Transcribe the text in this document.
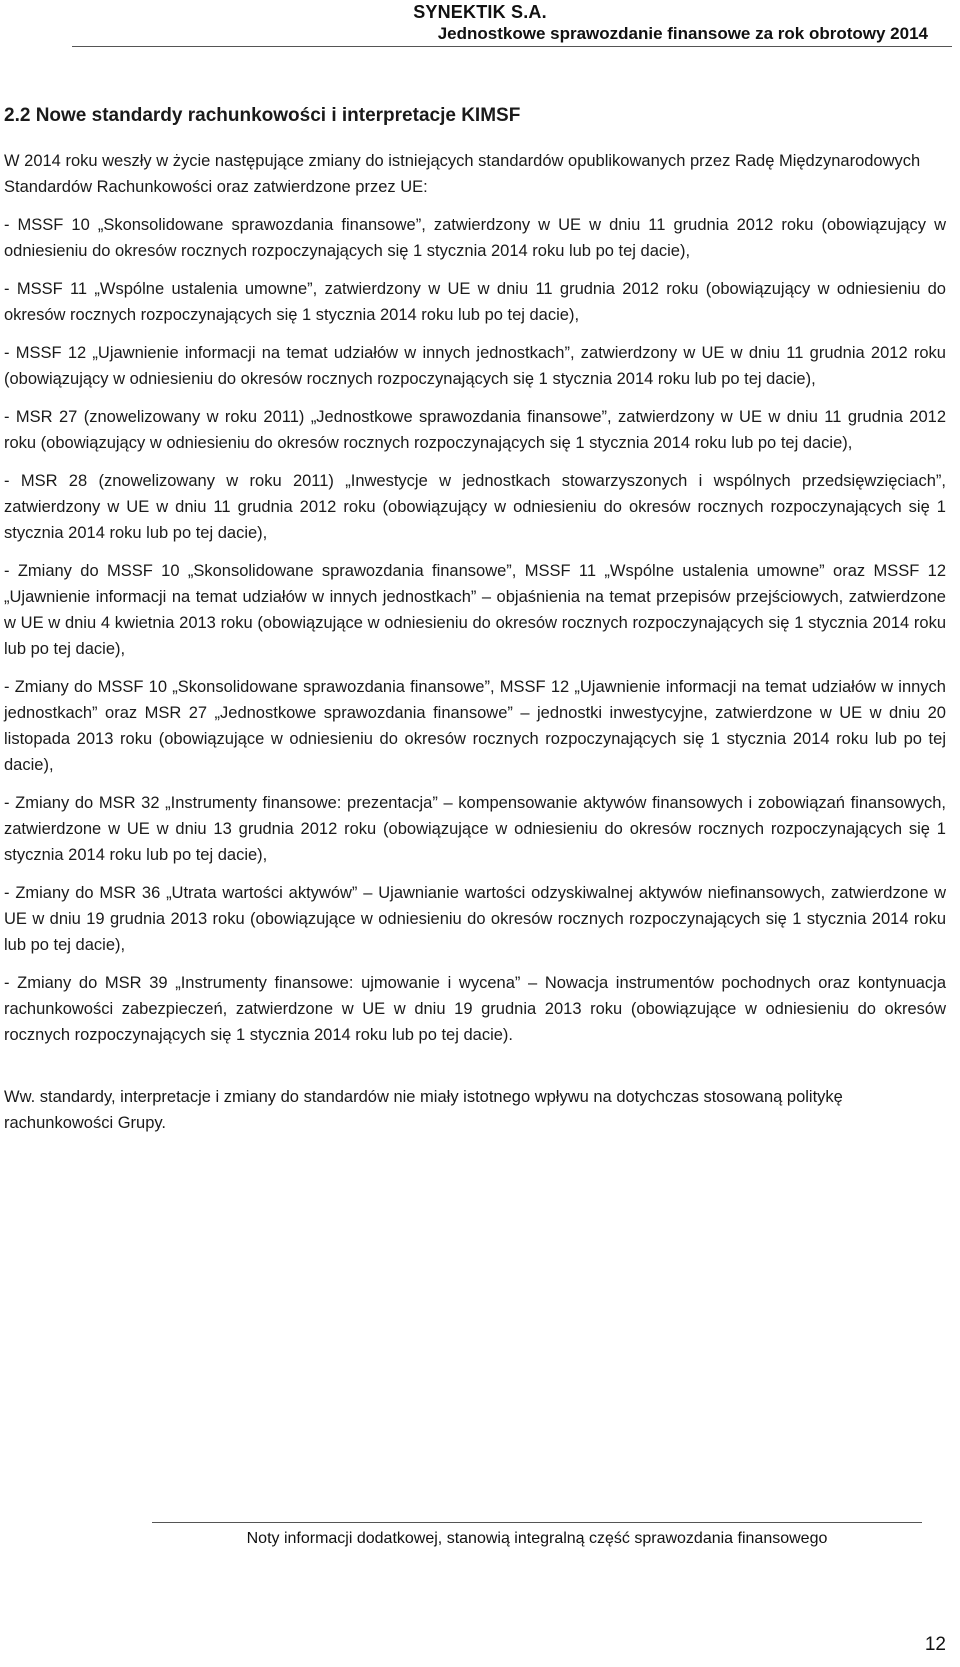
SYNEKTIK S.A.
Jednostkowe sprawozdanie finansowe za rok obrotowy 2014
2.2 Nowe standardy rachunkowości i interpretacje KIMSF

W 2014 roku weszły w życie następujące zmiany do istniejących standardów opublikowanych przez Radę Międzynarodowych Standardów Rachunkowości oraz zatwierdzone przez UE:

- MSSF 10 „Skonsolidowane sprawozdania finansowe”, zatwierdzony w UE w dniu 11 grudnia 2012 roku (obowiązujący w odniesieniu do okresów rocznych rozpoczynających się 1 stycznia 2014 roku lub po tej dacie),

- MSSF 11 „Wspólne ustalenia umowne”, zatwierdzony w UE w dniu 11 grudnia 2012 roku (obowiązujący w odniesieniu do okresów rocznych rozpoczynających się 1 stycznia 2014 roku lub po tej dacie),

- MSSF 12 „Ujawnienie informacji na temat udziałów w innych jednostkach”, zatwierdzony w UE w dniu 11 grudnia 2012 roku (obowiązujący w odniesieniu do okresów rocznych rozpoczynających się 1 stycznia 2014 roku lub po tej dacie),

- MSR 27 (znowelizowany w roku 2011) „Jednostkowe sprawozdania finansowe”, zatwierdzony w UE w dniu 11 grudnia 2012 roku (obowiązujący w odniesieniu do okresów rocznych rozpoczynających się 1 stycznia 2014 roku lub po tej dacie),

- MSR 28 (znowelizowany w roku 2011) „Inwestycje w jednostkach stowarzyszonych i wspólnych przedsięwzięciach”, zatwierdzony w UE w dniu 11 grudnia 2012 roku (obowiązujący w odniesieniu do okresów rocznych rozpoczynających się 1 stycznia 2014 roku lub po tej dacie),

- Zmiany do MSSF 10 „Skonsolidowane sprawozdania finansowe”, MSSF 11 „Wspólne ustalenia umowne” oraz MSSF 12 „Ujawnienie informacji na temat udziałów w innych jednostkach” – objaśnienia na temat przepisów przejściowych, zatwierdzone w UE w dniu 4 kwietnia 2013 roku (obowiązujące w odniesieniu do okresów rocznych rozpoczynających się 1 stycznia 2014 roku lub po tej dacie),

- Zmiany do MSSF 10 „Skonsolidowane sprawozdania finansowe”, MSSF 12 „Ujawnienie informacji na temat udziałów w innych jednostkach” oraz MSR 27 „Jednostkowe sprawozdania finansowe” – jednostki inwestycyjne, zatwierdzone w UE w dniu 20 listopada 2013 roku (obowiązujące w odniesieniu do okresów rocznych rozpoczynających się 1 stycznia 2014 roku lub po tej dacie),

- Zmiany do MSR 32 „Instrumenty finansowe: prezentacja” – kompensowanie aktywów finansowych i zobowiązań finansowych, zatwierdzone w UE w dniu 13 grudnia 2012 roku (obowiązujące w odniesieniu do okresów rocznych rozpoczynających się 1 stycznia 2014 roku lub po tej dacie),

- Zmiany do MSR 36 „Utrata wartości aktywów” – Ujawnianie wartości odzyskiwalnej aktywów niefinansowych, zatwierdzone w UE w dniu 19 grudnia 2013 roku (obowiązujące w odniesieniu do okresów rocznych rozpoczynających się 1 stycznia 2014 roku lub po tej dacie),

- Zmiany do MSR 39 „Instrumenty finansowe: ujmowanie i wycena” – Nowacja instrumentów pochodnych oraz kontynuacja rachunkowości zabezpieczeń, zatwierdzone w UE w dniu 19 grudnia 2013 roku (obowiązujące w odniesieniu do okresów rocznych rozpoczynających się 1 stycznia 2014 roku lub po tej dacie).

Ww. standardy, interpretacje i zmiany do standardów nie miały istotnego wpływu na dotychczas stosowaną politykę rachunkowości Grupy.

Noty informacji dodatkowej, stanowią integralną część sprawozdania finansowego
12
